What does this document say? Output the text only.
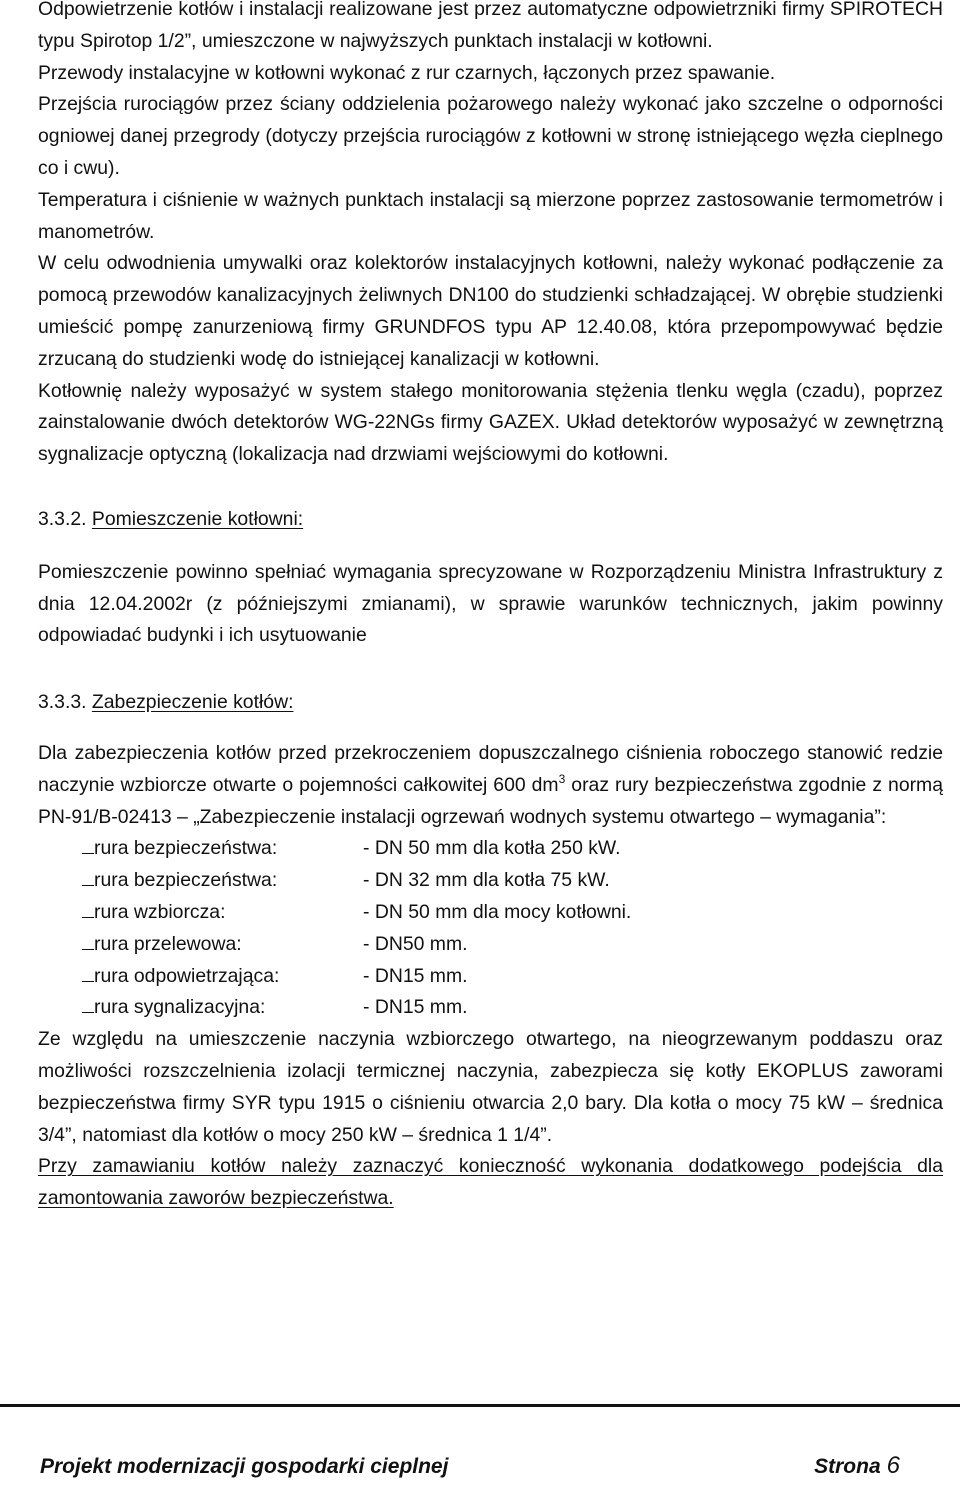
Odpowietrzenie kotłów i instalacji realizowane jest przez automatyczne odpowietrzniki firmy SPIROTECH typu Spirotop 1/2”, umieszczone w najwyższych punktach instalacji w kotłowni.

Przewody instalacyjne w kotłowni wykonać z rur czarnych, łączonych przez spawanie.

Przejścia rurociągów przez ściany oddzielenia pożarowego należy wykonać jako szczelne o odporności ogniowej danej przegrody (dotyczy przejścia rurociągów z kotłowni w stronę istniejącego węzła cieplnego co i cwu).

Temperatura i ciśnienie w ważnych punktach instalacji są mierzone poprzez zastosowanie termometrów i manometrów.

W celu odwodnienia umywalki oraz kolektorów instalacyjnych kotłowni, należy wykonać podłączenie za pomocą przewodów kanalizacyjnych żeliwnych DN100 do studzienki schładzającej. W obrębie studzienki umieścić pompę zanurzeniową firmy GRUNDFOS typu AP 12.40.08, która przepompowywać będzie zrzucaną do studzienki wodę do istniejącej kanalizacji w kotłowni.

Kotłownię należy wyposażyć w system stałego monitorowania stężenia tlenku węgla (czadu), poprzez zainstalowanie dwóch detektorów WG-22NGs firmy GAZEX. Układ detektorów wyposażyć w zewnętrzną sygnalizacje optyczną (lokalizacja nad drzwiami wejściowymi do kotłowni.

3.3.2. Pomieszczenie kotłowni:

Pomieszczenie powinno spełniać wymagania sprecyzowane w Rozporządzeniu Ministra Infrastruktury z dnia 12.04.2002r (z późniejszymi zmianami), w sprawie warunków technicznych, jakim powinny odpowiadać budynki i ich usytuowanie

3.3.3. Zabezpieczenie kotłów:

Dla zabezpieczenia kotłów przed przekroczeniem dopuszczalnego ciśnienia roboczego stanowić redzie naczynie wzbiorcze otwarte o pojemności całkowitej 600 $dm^3$ oraz rury bezpieczeństwa zgodnie z normą PN-91/B-02413 – „Zabezpieczenie instalacji ogrzewań wodnych systemu otwartego – wymagania”:

rura bezpieczeństwa:	- DN 50 mm dla kotła 250 kW.
rura bezpieczeństwa:	- DN 32 mm dla kotła 75 kW.
rura wzbiorcza:	- DN 50 mm dla mocy kotłowni.
rura przelewowa:	- DN50 mm.
rura odpowietrzająca:	- DN15 mm.
rura sygnalizacyjna:	- DN15 mm.

Ze względu na umieszczenie naczynia wzbiorczego otwartego, na nieogrzewanym poddaszu oraz możliwości rozszczelnienia izolacji termicznej naczynia, zabezpiecza się kotły EKOPLUS zaworami bezpieczeństwa firmy SYR typu 1915 o ciśnieniu otwarcia 2,0 bary. Dla kotła o mocy 75 kW – średnica 3/4”, natomiast dla kotłów o mocy 250 kW – średnica 1 1/4”.

Przy zamawianiu kotłów należy zaznaczyć konieczność wykonania dodatkowego podejścia dla zamontowania zaworów bezpieczeństwa.

Projekt modernizacji gospodarki cieplnej	Strona 6
